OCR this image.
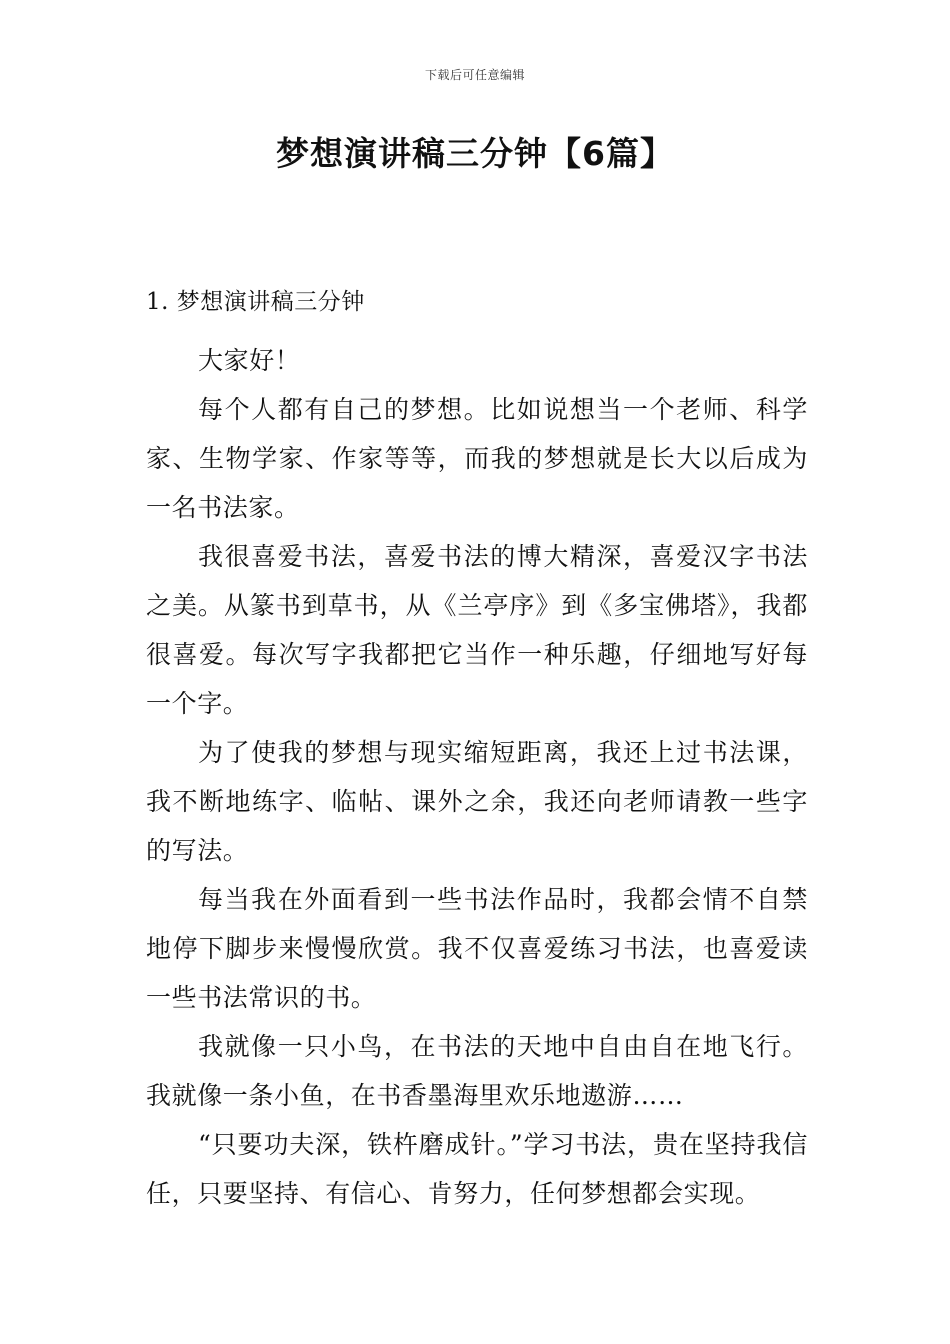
下载后可任意编辑
梦想演讲稿三分钟【6篇】
1. 梦想演讲稿三分钟

大家好！

每个人都有自己的梦想。比如说想当一个老师、科学家、生物学家、作家等等，而我的梦想就是长大以后成为一名书法家。

我很喜爱书法，喜爱书法的博大精深，喜爱汉字书法之美。从篆书到草书，从《兰亭序》到《多宝佛塔》，我都很喜爱。每次写字我都把它当作一种乐趣，仔细地写好每一个字。

为了使我的梦想与现实缩短距离，我还上过书法课，我不断地练字、临帖、课外之余，我还向老师请教一些字的写法。

每当我在外面看到一些书法作品时，我都会情不自禁地停下脚步来慢慢欣赏。我不仅喜爱练习书法，也喜爱读一些书法常识的书。

我就像一只小鸟，在书法的天地中自由自在地飞行。我就像一条小鱼，在书香墨海里欢乐地遨游……

“只要功夫深，铁杵磨成针。”学习书法，贵在坚持我信任，只要坚持、有信心、肯努力，任何梦想都会实现。
